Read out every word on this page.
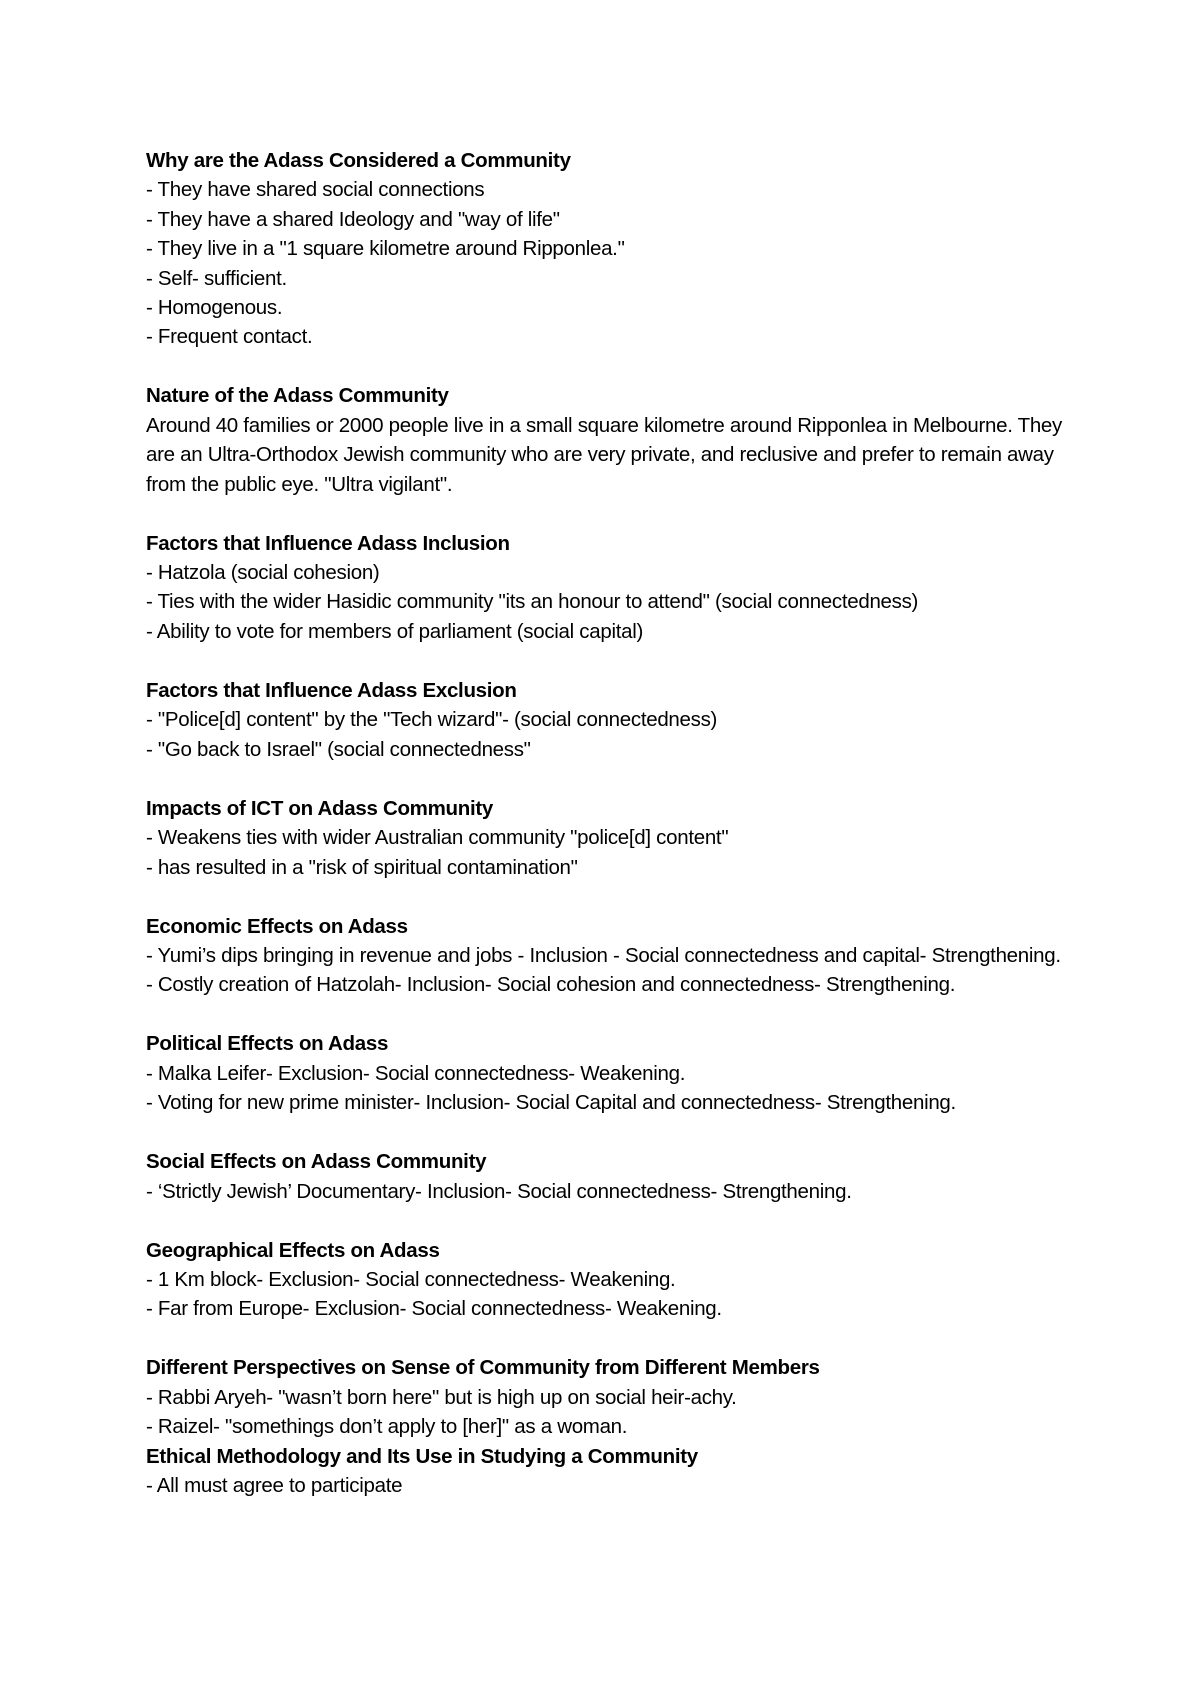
Why are the Adass Considered a Community

- They have shared social connections

- They have a shared Ideology and "way of life"

- They live in a "1 square kilometre around Ripponlea."

- Self- sufficient.

- Homogenous.

- Frequent contact.

Nature of the Adass Community

Around 40 families or 2000 people live in a small square kilometre around Ripponlea in Melbourne. They are an Ultra-Orthodox Jewish community who are very private, and reclusive and prefer to remain away from the public eye. "Ultra vigilant".

Factors that Influence Adass Inclusion

- Hatzola (social cohesion)

- Ties with the wider Hasidic community "its an honour to attend" (social connectedness)

- Ability to vote for members of parliament (social capital)

Factors that Influence Adass Exclusion

- "Police[d] content" by the "Tech wizard"- (social connectedness)

- "Go back to Israel" (social connectedness"

Impacts of ICT on Adass Community

- Weakens ties with wider Australian community "police[d] content"

- has resulted in a "risk of spiritual contamination"

Economic Effects on Adass

- Yumi’s dips bringing in revenue and jobs - Inclusion - Social connectedness and capital- Strengthening.

- Costly creation of Hatzolah- Inclusion- Social cohesion and connectedness- Strengthening.

Political Effects on Adass

- Malka Leifer- Exclusion- Social connectedness- Weakening.

- Voting for new prime minister- Inclusion- Social Capital and connectedness- Strengthening.

Social Effects on Adass Community

- ‘Strictly Jewish’ Documentary- Inclusion- Social connectedness- Strengthening.

Geographical Effects on Adass

- 1 Km block- Exclusion- Social connectedness- Weakening.

- Far from Europe- Exclusion- Social connectedness- Weakening.

Different Perspectives on Sense of Community from Different Members

- Rabbi Aryeh- "wasn’t born here" but is high up on social heir-achy.

- Raizel- "somethings don’t apply to [her]" as a woman.

Ethical Methodology and Its Use in Studying a Community

- All must agree to participate
